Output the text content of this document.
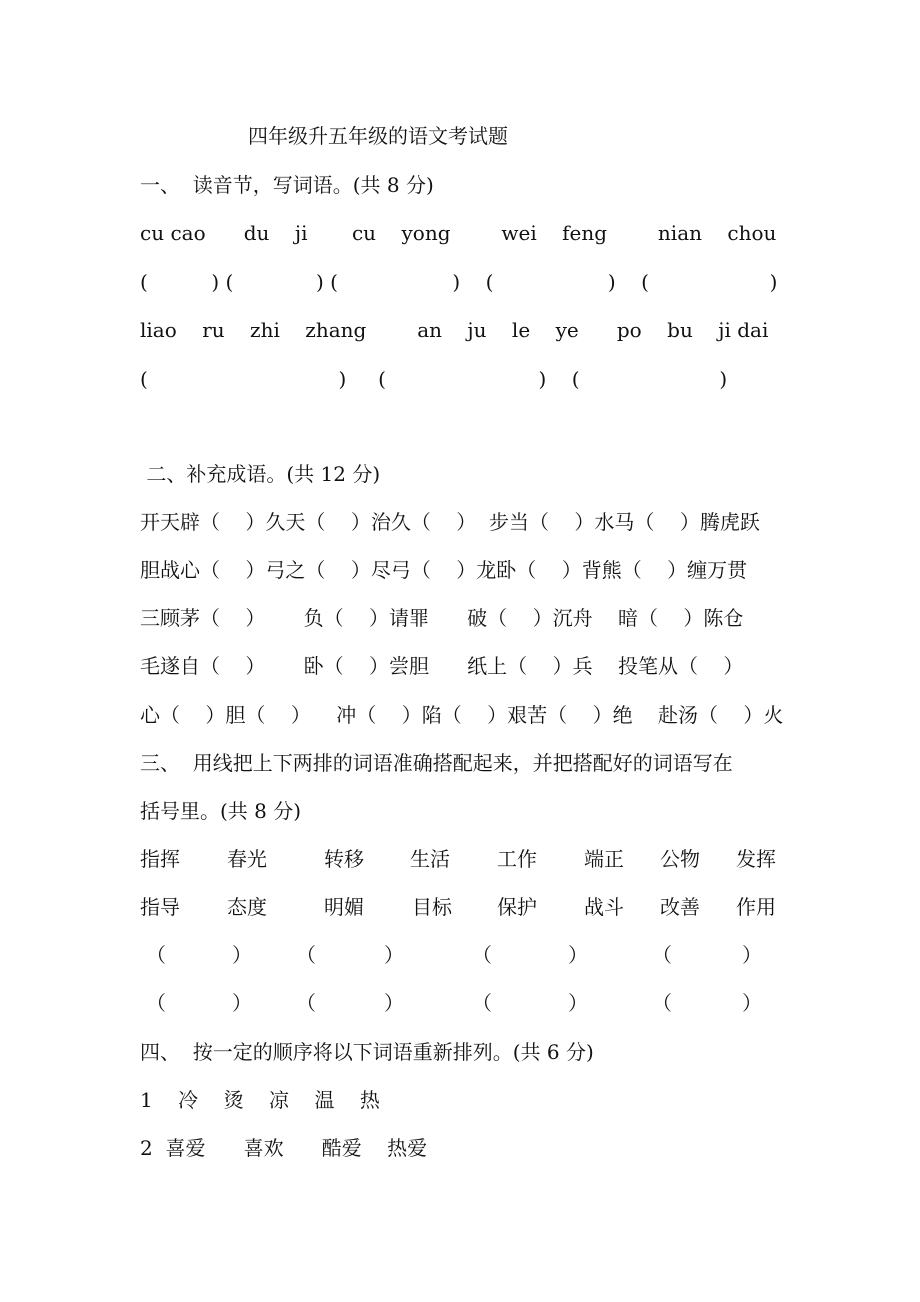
四年级升五年级的语文考试题
一、  读音节，写词语。(共 8 分)
cu cao      du    ji       cu    yong        wei    feng        nian    chou
(          ) (             ) (                  )    (                  )    (                   )
liao    ru    zhi    zhang        an    ju    le    ye      po    bu    ji dai
(                              )     (                        )    (                      )
二、补充成语。(共 12 分)
开天辟（    ）久天（    ）治久（    ）  步当（    ）水马（    ）腾虎跃
胆战心（    ）弓之（    ）尽弓（    ）龙卧（    ）背熊（    ）缠万贯
三顾茅（    ）      负（    ）请罪      破（    ）沉舟    暗（    ）陈仓
毛遂自（    ）      卧（    ）尝胆      纸上（    ）兵    投笔从（    ）
心（    ）胆（    ）    冲（    ）陷（    ）艰苦（    ）绝    赴汤（    ）火
三、  用线把上下两排的词语准确搭配起来，并把搭配好的词语写在
括号里。(共 8 分)
指挥 春光	转移 生活 工作 端正 公物 发挥
指导 态度	明媚 目标 保护 战斗 改善 作用
（	） （	）	（	）	（	）
（	） （	）	（	）	（	）
四、  按一定的顺序将以下词语重新排列。(共 6 分)
1    冷    烫    凉    温    热
2  喜爱      喜欢      酷爱    热爱
